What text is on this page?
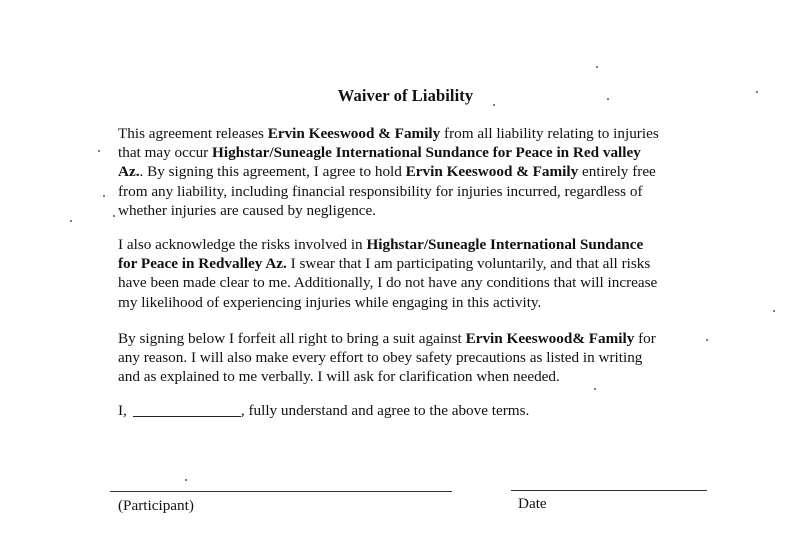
Waiver of Liability
This agreement releases Ervin Keeswood & Family from all liability relating to injuries
that may occur Highstar/Suneagle International Sundance for Peace in Red valley
Az.. By signing this agreement, I agree to hold Ervin Keeswood & Family entirely free
from any liability, including financial responsibility for injuries incurred, regardless of
whether injuries are caused by negligence.
I also acknowledge the risks involved in Highstar/Suneagle International Sundance
for Peace in Redvalley Az. I swear that I am participating voluntarily, and that all risks
have been made clear to me. Additionally, I do not have any conditions that will increase
my likelihood of experiencing injuries while engaging in this activity.
By signing below I forfeit all right to bring a suit against Ervin Keeswood& Family for
any reason. I will also make every effort to obey safety precautions as listed in writing
and as explained to me verbally. I will ask for clarification when needed.
I,	, fully understand and agree to the above terms.
(Participant)	Date
